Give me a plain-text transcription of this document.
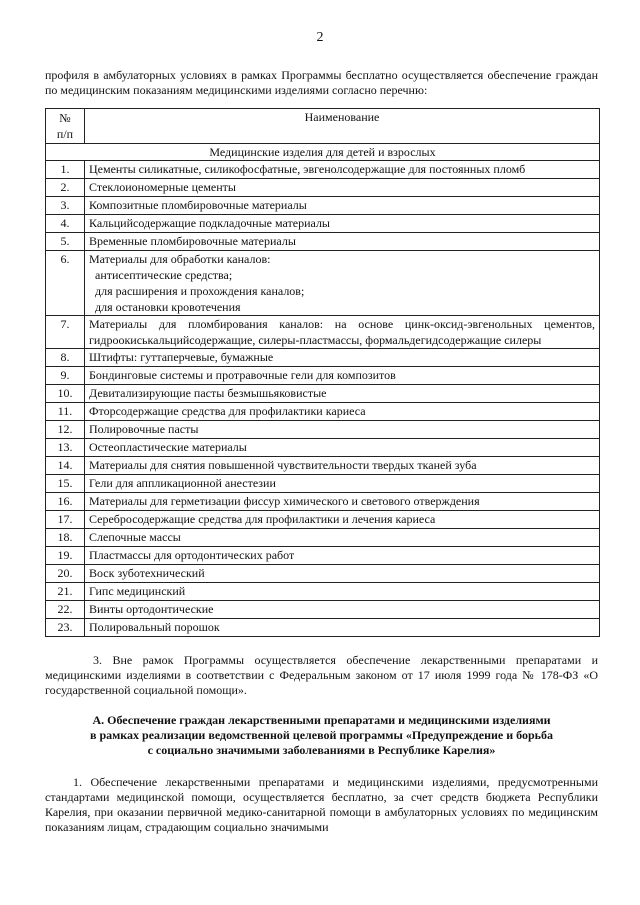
2
профиля в амбулаторных условиях в рамках Программы бесплатно осуществляется обеспечение граждан по медицинским показаниям медицинскими изделиями согласно перечню:
№
п/п	Наименование
Медицинские изделия для детей и взрослых	
1.	Цементы силикатные, силикофосфатные, эвгенолсодержащие для постоянных пломб
2.	Стеклоиономерные цементы
3.	Композитные пломбировочные материалы
4.	Кальцийсодержащие подкладочные материалы
5.	Временные пломбировочные материалы
6.	Материалы для обработки каналов:
антисептические средства;
для расширения и прохождения каналов;
для остановки кровотечения

7.	Материалы для пломбирования каналов: на основе цинк-оксид-эвгенольных цементов,
гидроокиськальцийсодержащие, силеры-пластмассы, формальдегидсодержащие силеры

8.	Штифты: гуттаперчевые, бумажные
9.	Бондинговые системы и протравочные гели для композитов
10.	Девитализирующие пасты безмышьяковистые
11.	Фторсодержащие средства для профилактики кариеса
12.	Полировочные пасты
13.	Остеопластические материалы
14.	Материалы для снятия повышенной чувствительности твердых тканей зуба
15.	Гели для аппликационной анестезии
16.	Материалы для герметизации фиссур химического и светового отверждения
17.	Серебросодержащие средства для профилактики и лечения кариеса
18.	Слепочные массы
19.	Пластмассы для ортодонтических работ
20.	Воск зуботехнический
21.	Гипс медицинский
22.	Винты ортодонтические
23.	Полировальный порошок
3. Вне рамок Программы осуществляется обеспечение лекарственными препаратами и медицинскими изделиями в соответствии с Федеральным законом от 17 июля 1999 года № 178-ФЗ «О государственной социальной помощи».
А. Обеспечение граждан лекарственными препаратами и медицинскими изделиями
в рамках реализации ведомственной целевой программы «Предупреждение и борьба
с социально значимыми заболеваниями в Республике Карелия»
1. Обеспечение лекарственными препаратами и медицинскими изделиями, предусмотренными стандартами медицинской помощи, осуществляется бесплатно, за счет средств бюджета Республики Карелия, при оказании первичной медико-санитарной помощи в амбулаторных условиях по медицинским показаниям лицам, страдающим социально значимыми
